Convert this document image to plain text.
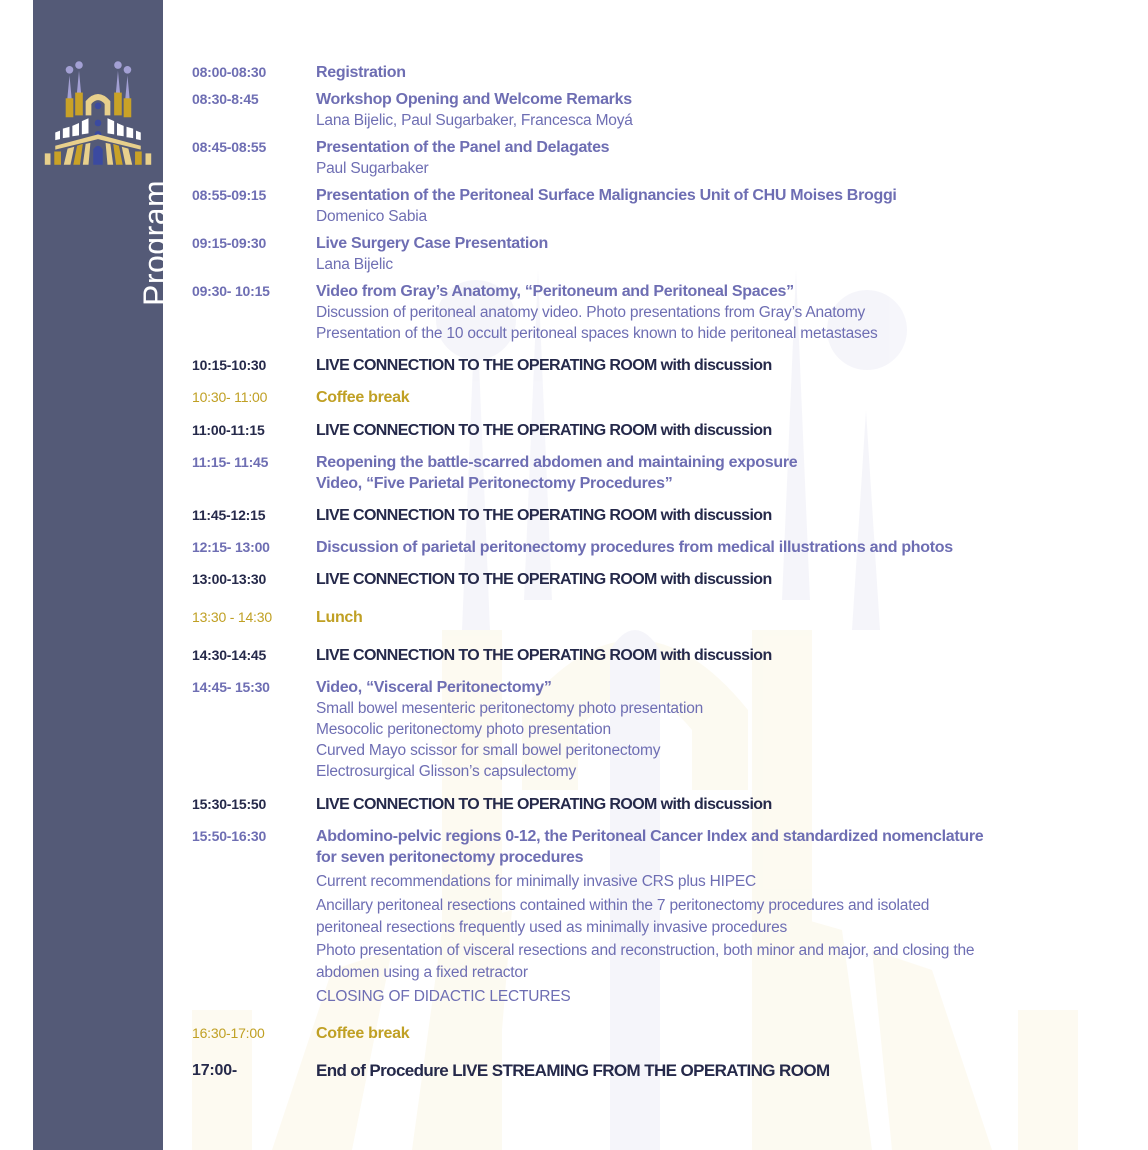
Program
08:00-08:30	Registration
08:30-8:45	Workshop Opening and Welcome Remarks
Lana Bijelic, Paul Sugarbaker, Francesca Moyá
08:45-08:55	Presentation of the Panel and Delagates
Paul Sugarbaker
08:55-09:15	Presentation of the Peritoneal Surface Malignancies Unit of CHU Moises Broggi
Domenico Sabia
09:15-09:30	Live Surgery Case Presentation
Lana Bijelic
09:30- 10:15	Video from Gray’s Anatomy, “Peritoneum and Peritoneal Spaces”
Discussion of peritoneal anatomy video. Photo presentations from Gray’s Anatomy
Presentation of the 10 occult peritoneal spaces known to hide peritoneal metastases
10:15-10:30	LIVE CONNECTION TO THE OPERATING ROOM with discussion
10:30- 11:00	Coffee break
11:00-11:15	LIVE CONNECTION TO THE OPERATING ROOM with discussion
11:15- 11:45	Reopening the battle-scarred abdomen and maintaining exposure
Video, “Five Parietal Peritonectomy Procedures”
11:45-12:15	LIVE CONNECTION TO THE OPERATING ROOM with discussion
12:15- 13:00	Discussion of parietal peritonectomy procedures from medical illustrations and photos
13:00-13:30	LIVE CONNECTION TO THE OPERATING ROOM with discussion
13:30 - 14:30	Lunch
14:30-14:45	LIVE CONNECTION TO THE OPERATING ROOM with discussion
14:45- 15:30	Video, “Visceral Peritonectomy”
Small bowel mesenteric peritonectomy photo presentation
Mesocolic peritonectomy photo presentation
Curved Mayo scissor for small bowel peritonectomy
Electrosurgical Glisson’s capsulectomy
15:30-15:50	LIVE CONNECTION TO THE OPERATING ROOM with discussion
15:50-16:30	Abdomino-pelvic regions 0-12, the Peritoneal Cancer Index and standardized nomenclature
for seven peritonectomy procedures
Current recommendations for minimally invasive CRS plus HIPEC
Ancillary peritoneal resections contained within the 7 peritonectomy procedures and isolated
peritoneal resections frequently used as minimally invasive procedures
Photo presentation of visceral resections and reconstruction, both minor and major, and closing the
abdomen using a fixed retractor
CLOSING OF DIDACTIC LECTURES
16:30-17:00	Coffee break
17:00-	End of Procedure LIVE STREAMING FROM THE OPERATING ROOM
